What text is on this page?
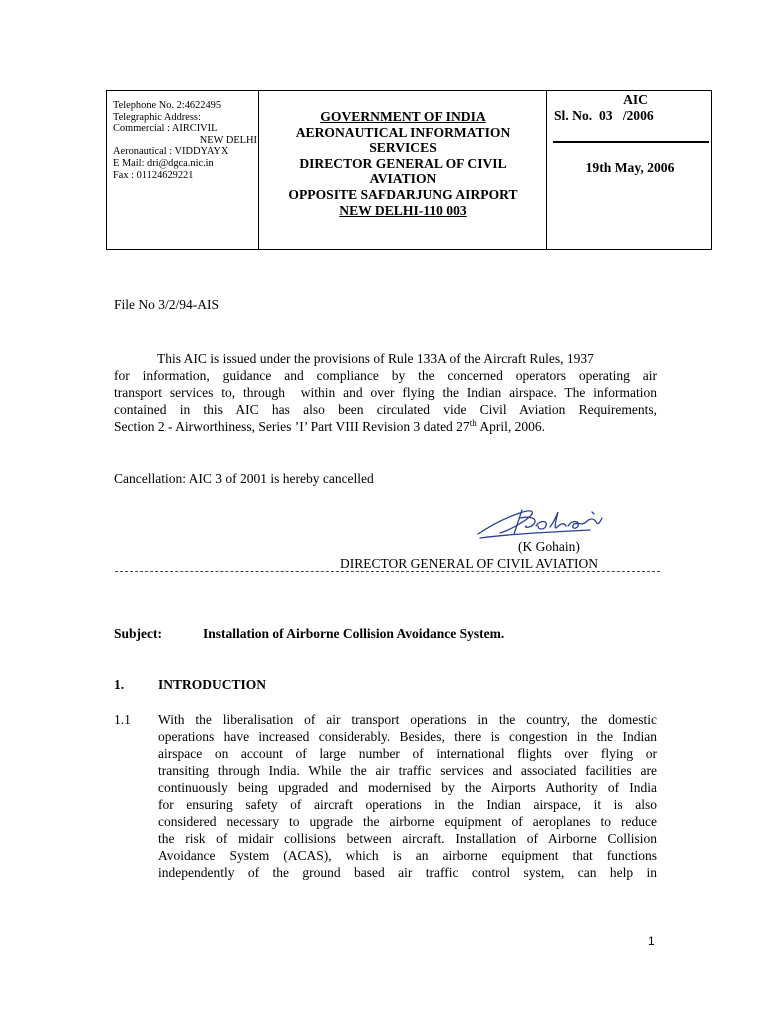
Telephone No. 2:4622495
Telegraphic Address:
Commercial : AIRCIVIL
NEW DELHI
Aeronautical : VIDDYAYX
E Mail: dri@dgca.nic.in
Fax : 01124629221
GOVERNMENT OF INDIA
AERONAUTICAL INFORMATION
SERVICES
DIRECTOR GENERAL OF CIVIL
AVIATION
OPPOSITE SAFDARJUNG AIRPORT
NEW DELHI-110 003
AIC
Sl. No.  03   /2006
19th May, 2006
File No 3/2/94-AIS
This AIC is issued under the provisions of Rule 133A of the Aircraft Rules, 1937
for information, guidance and compliance by the concerned operators operating air
transport services to, through  within and over flying the Indian airspace. The information
contained in this AIC has also been circulated vide Civil Aviation Requirements,
Section 2 - Airworthiness, Series ’I’ Part VIII Revision 3 dated 27th April, 2006.
Cancellation: AIC 3 of 2001 is hereby cancelled
(K Gohain)
DIRECTOR GENERAL OF CIVIL AVIATION
Subject:	Installation of Airborne Collision Avoidance System.
1.	INTRODUCTION
1.1 With the liberalisation of air transport operations in the country, the domestic
operations have increased considerably. Besides, there is congestion in the Indian
airspace on account of large number of international flights over flying or
transiting through India. While the air traffic services and associated facilities are
continuously being upgraded and modernised by the Airports Authority of India
for ensuring safety of aircraft operations in the Indian airspace, it is also
considered necessary to upgrade the airborne equipment of aeroplanes to reduce
the risk of midair collisions between aircraft. Installation of Airborne Collision
Avoidance System (ACAS), which is an airborne equipment that functions
independently of the ground based air traffic control system, can help in
1
